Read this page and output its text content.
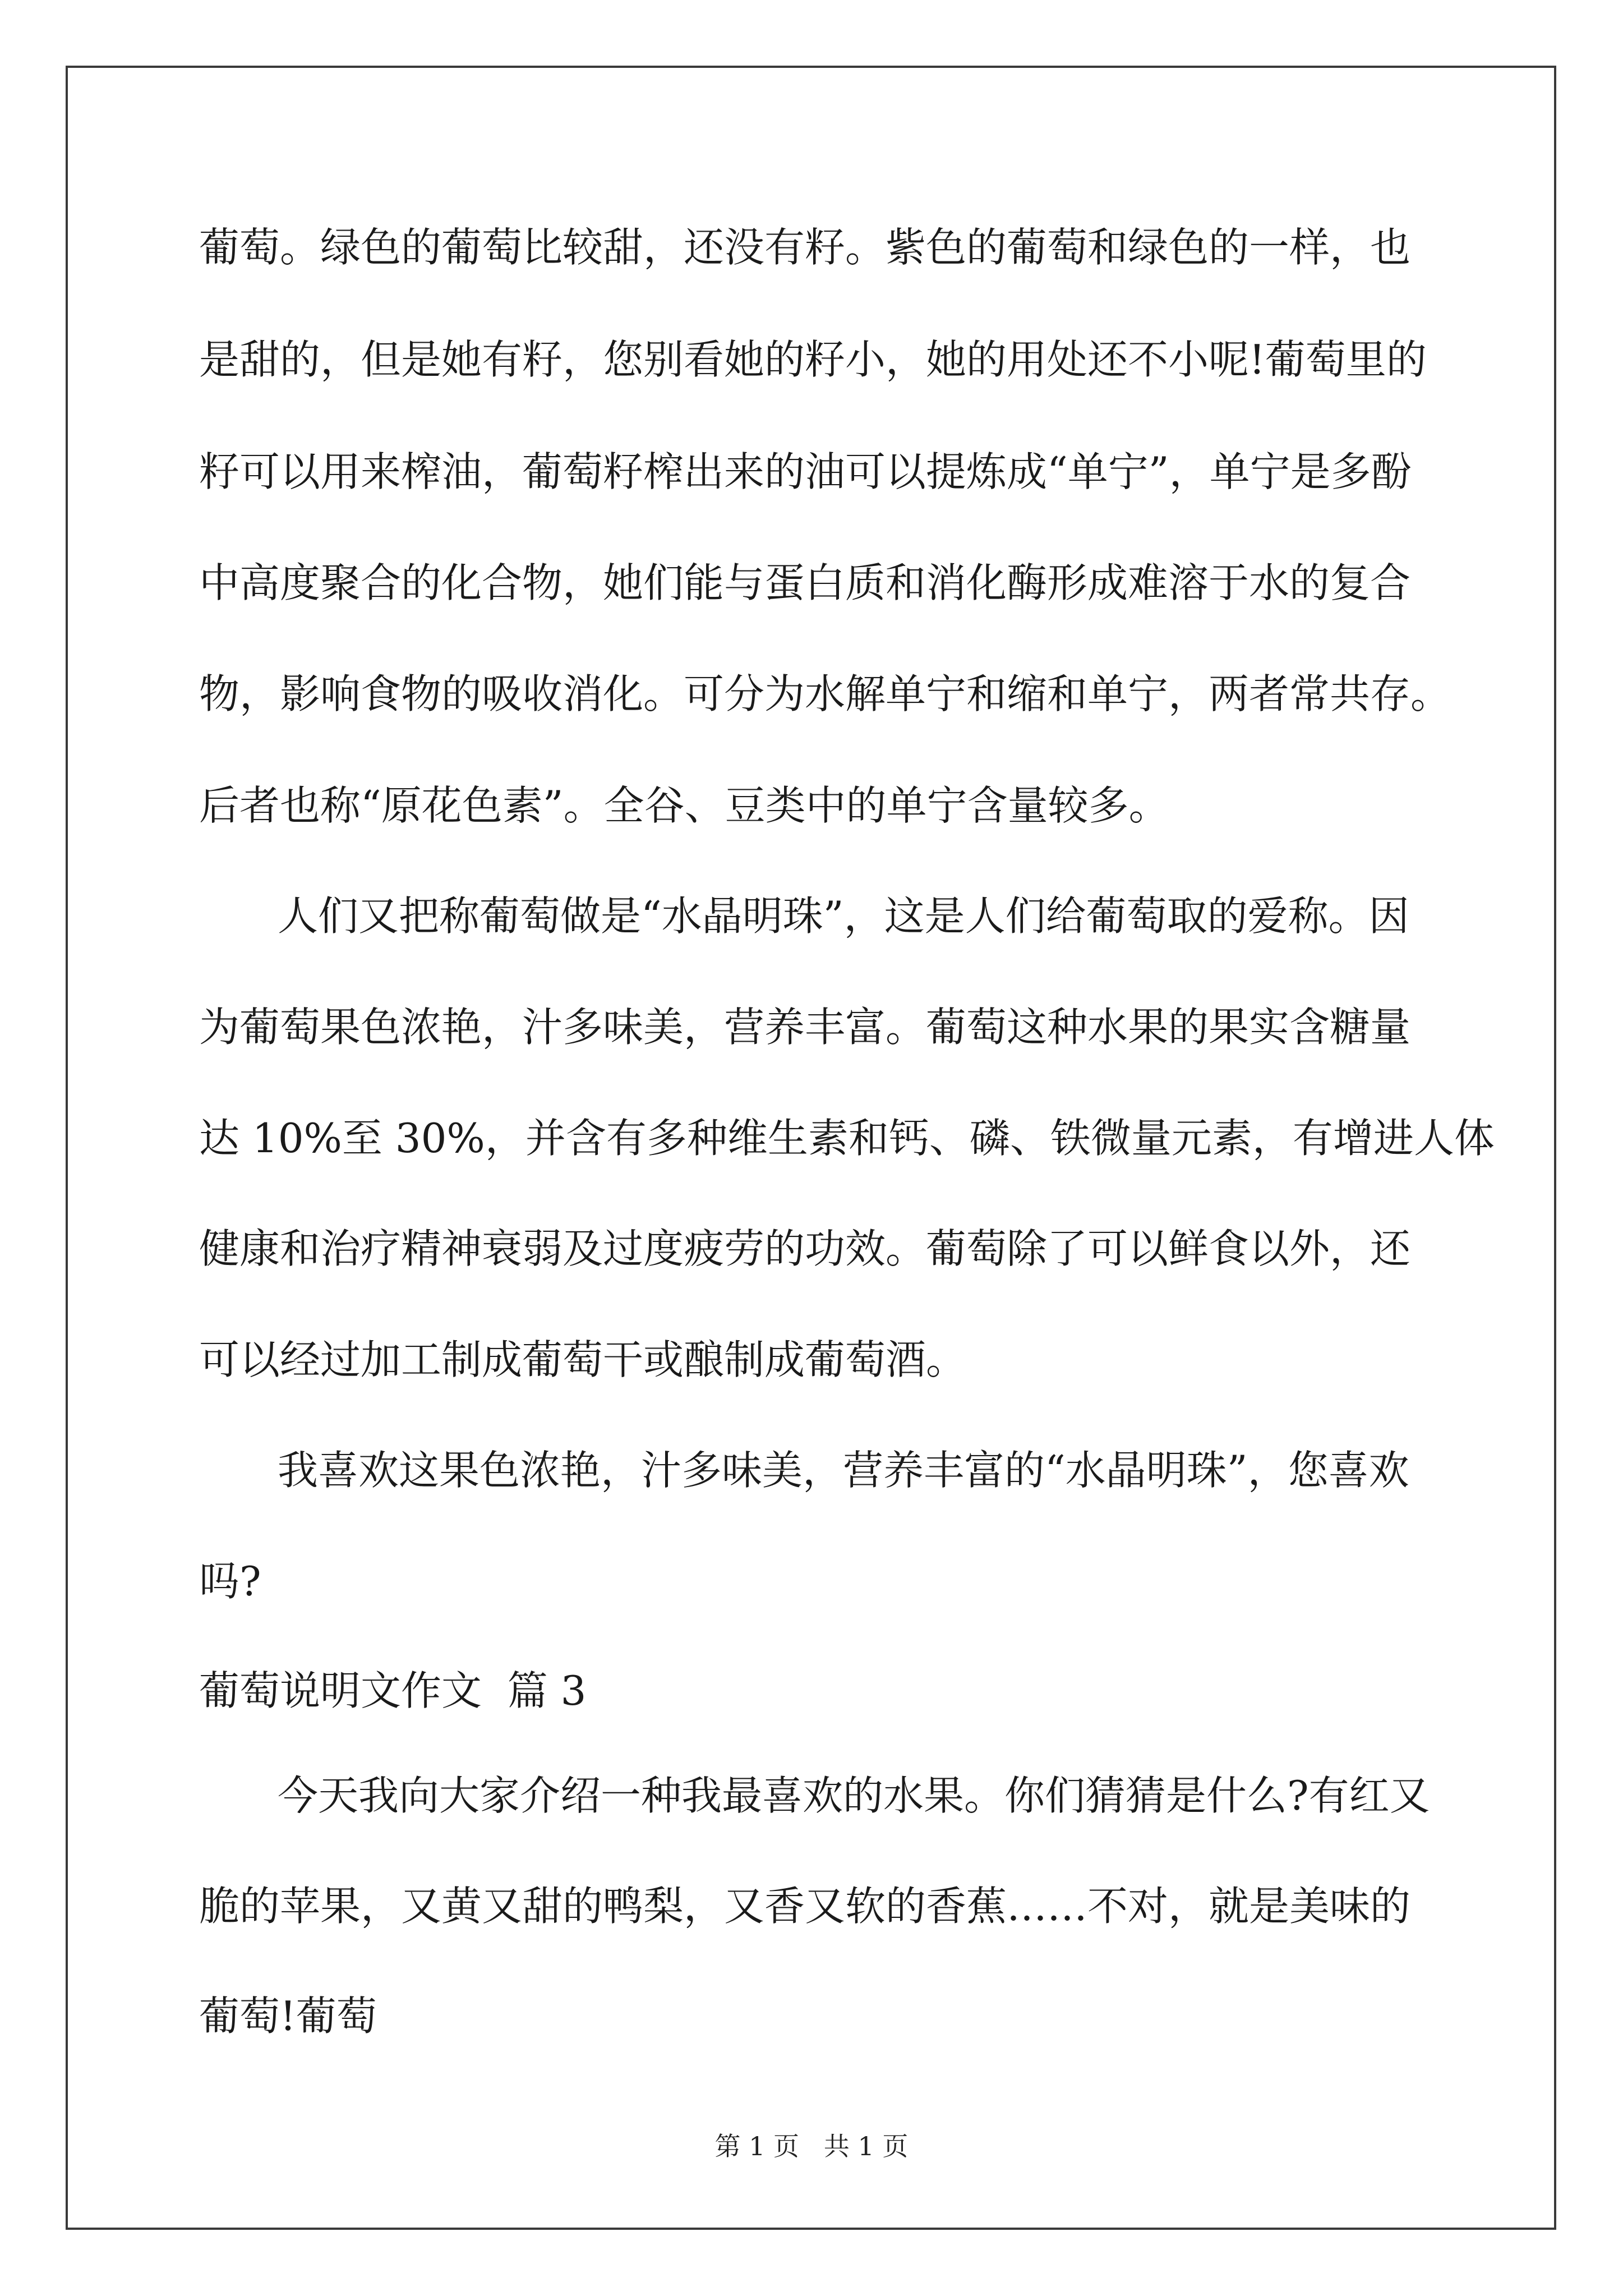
葡萄。绿色的葡萄比较甜，还没有籽。紫色的葡萄和绿色的一样，也

是甜的，但是她有籽，您别看她的籽小，她的用处还不小呢!葡萄里的

籽可以用来榨油，葡萄籽榨出来的油可以提炼成“单宁”，单宁是多酚

中高度聚合的化合物，她们能与蛋白质和消化酶形成难溶于水的复合

物，影响食物的吸收消化。可分为水解单宁和缩和单宁，两者常共存。

后者也称“原花色素”。全谷、豆类中的单宁含量较多。

人们又把称葡萄做是“水晶明珠”，这是人们给葡萄取的爱称。因

为葡萄果色浓艳，汁多味美，营养丰富。葡萄这种水果的果实含糖量

达 10%至 30%，并含有多种维生素和钙、磷、铁微量元素，有增进人体

健康和治疗精神衰弱及过度疲劳的功效。葡萄除了可以鲜食以外，还

可以经过加工制成葡萄干或酿制成葡萄酒。

我喜欢这果色浓艳，汁多味美，营养丰富的“水晶明珠”，您喜欢

吗?

葡萄说明文作文  篇 3

今天我向大家介绍一种我最喜欢的水果。你们猜猜是什么?有红又

脆的苹果，又黄又甜的鸭梨，又香又软的香蕉……不对，就是美味的

葡萄!葡萄

第 1 页   共 1 页
